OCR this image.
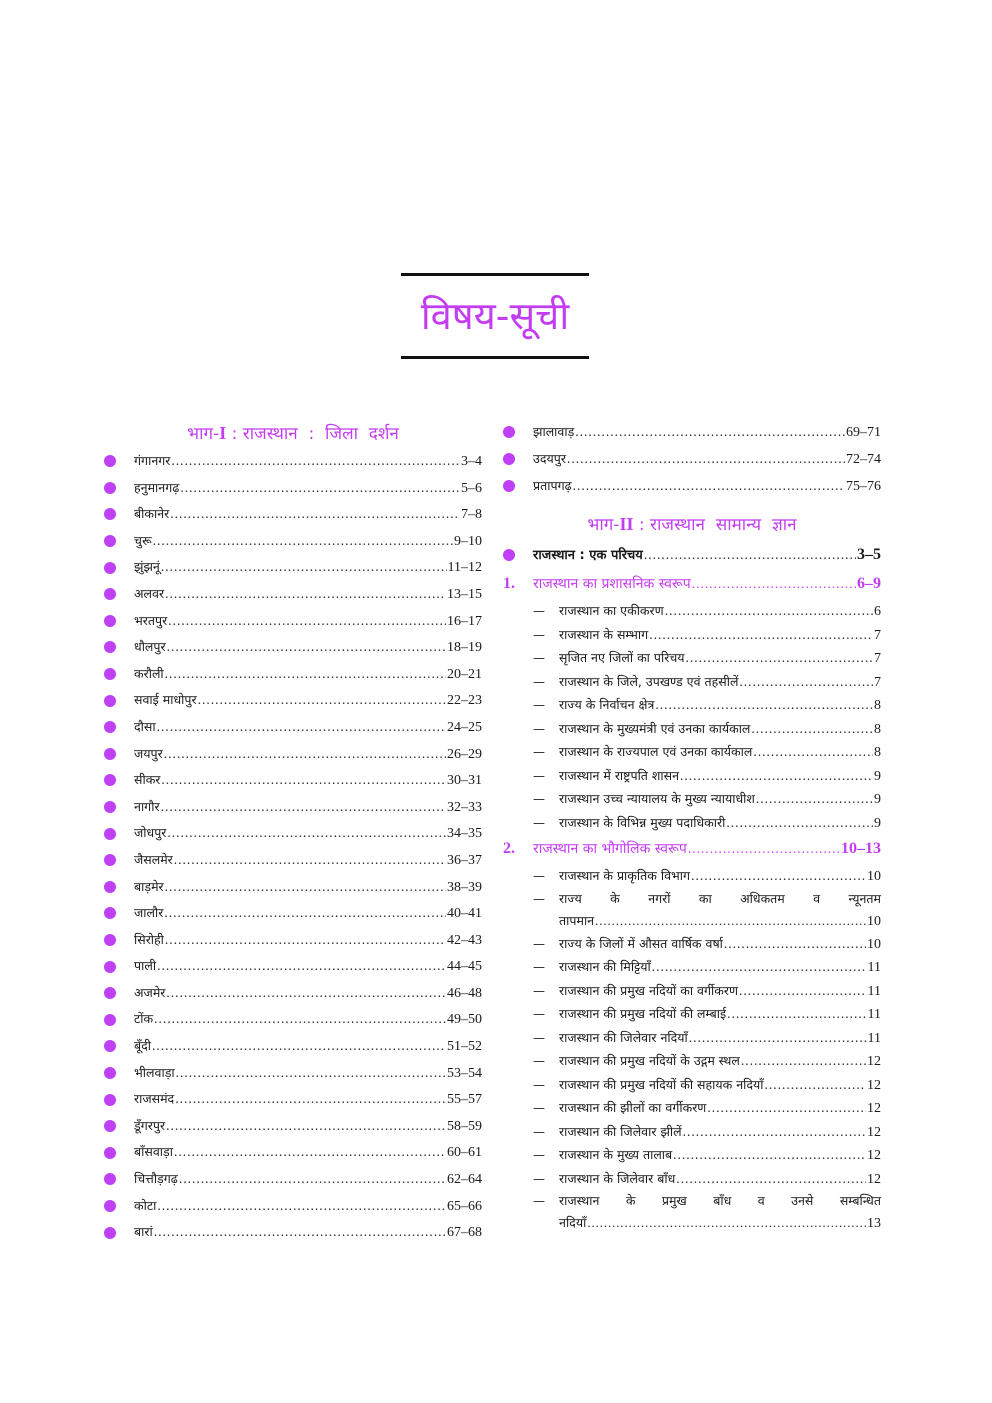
विषय-सूची
भाग-I : राजस्थान  :  जिला  दर्शन
गंगानगर .....	3–4
हनुमानगढ़ .....	5–6
बीकानेर .....	7–8
चुरू .....	9–10
झुंझनूं .....	11–12
अलवर .....	13–15
भरतपुर .....	16–17
धौलपुर .....	18–19
करौली .....	20–21
सवाई माधोपुर .....	22–23
दौसा .....	24–25
जयपुर .....	26–29
सीकर .....	30–31
नागौर .....	32–33
जोधपुर .....	34–35
जैसलमेर .....	36–37
बाड़मेर .....	38–39
जालौर .....	40–41
सिरोही .....	42–43
पाली .....	44–45
अजमेर .....	46–48
टोंक .....	49–50
बूँदी .....	51–52
भीलवाड़ा .....	53–54
राजसमंद .....	55–57
डूँगरपुर .....	58–59
बाँसवाड़ा .....	60–61
चित्तौड़गढ़ .....	62–64
कोटा .....	65–66
बारां .....	67–68
झालावाड़ .....	69–71
उदयपुर .....	72–74
प्रतापगढ़ .....	75–76
भाग-II : राजस्थान  सामान्य  ज्ञान
राजस्थान : एक परिचय .....	3–5
1.	राजस्थान का प्रशासनिक स्वरूप .....	6–9
—	राजस्थान का एकीकरण .....	6
—	राजस्थान के सम्भाग .....	7
—	सृजित नए जिलों का परिचय .....	7
—	राजस्थान के जिले, उपखण्ड एवं तहसीलें .....	7
—	राज्य के निर्वाचन क्षेत्र .....	8
—	राजस्थान के मुख्यमंत्री एवं उनका कार्यकाल .....	8
—	राजस्थान के राज्यपाल एवं उनका कार्यकाल .....	8
—	राजस्थान में राष्ट्रपति शासन .....	9
—	राजस्थान उच्च न्यायालय के मुख्य न्यायाधीश .....	9
—	राजस्थान के विभिन्न मुख्य पदाधिकारी .....	9
2.	राजस्थान का भौगोलिक स्वरूप .....	10–13
—	राजस्थान के प्राकृतिक विभाग .....	10
—	राज्य के नगरों का अधिकतम व न्यूनतम
तापमान .....	10
—	राज्य के जिलों में औसत वार्षिक वर्षा .....	10
—	राजस्थान की मिट्टियाँ .....	11
—	राजस्थान की प्रमुख नदियों का वर्गीकरण .....	11
—	राजस्थान की प्रमुख नदियों की लम्बाई .....	11
—	राजस्थान की जिलेवार नदियाँ .....	11
—	राजस्थान की प्रमुख नदियों के उद्गम स्थल .....	12
—	राजस्थान की प्रमुख नदियों की सहायक नदियाँ .....	12
—	राजस्थान की झीलों का वर्गीकरण .....	12
—	राजस्थान की जिलेवार झीलें .....	12
—	राजस्थान के मुख्य तालाब .....	12
—	राजस्थान के जिलेवार बाँध .....	12
—	राजस्थान के प्रमुख बाँध व उनसे सम्बन्धित
नदियाँ .....	13
